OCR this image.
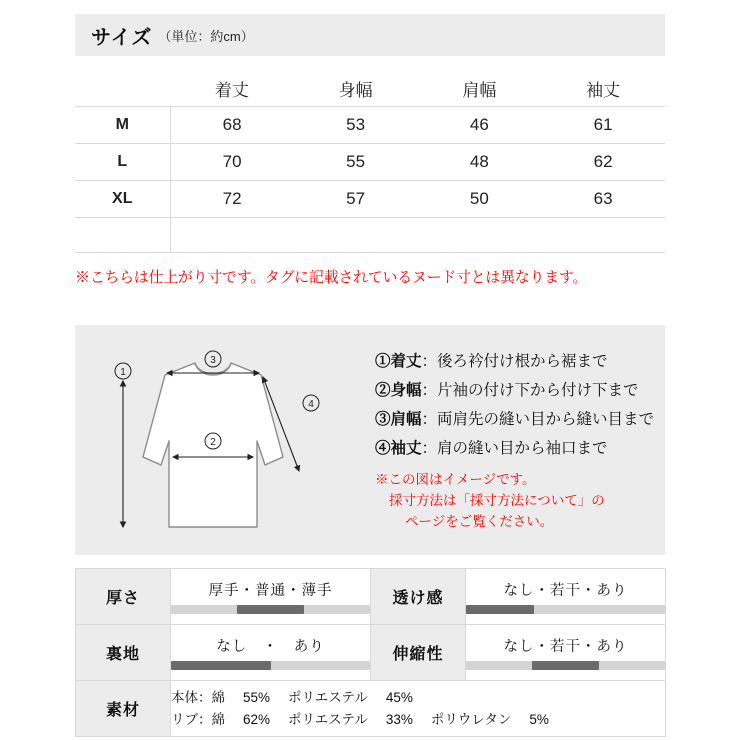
サイズ （単位：約cm）
	着丈	身幅	肩幅	袖丈
M	68	53	46	61
L	70	55	48	62
XL	72	57	50	63

※こちらは仕上がり寸です。タグに記載されているヌード寸とは異なります。
1
2
3
4
①着丈：後ろ衿付け根から裾まで
②身幅：片袖の付け下から付け下まで
③肩幅：両肩先の縫い目から縫い目まで
④袖丈：肩の縫い目から袖口まで
※この図はイメージです。
採寸方法は「採寸方法について」の
ページをご覧ください。
厚さ	厚手・普通・薄手	透け感	なし・若干・あり

裏地	なし　・　あり	伸縮性	なし・若干・あり

素材	本体：綿 55% ポリエステル 45%
リブ：綿 62% ポリエステル 33% ポリウレタン 5%		
